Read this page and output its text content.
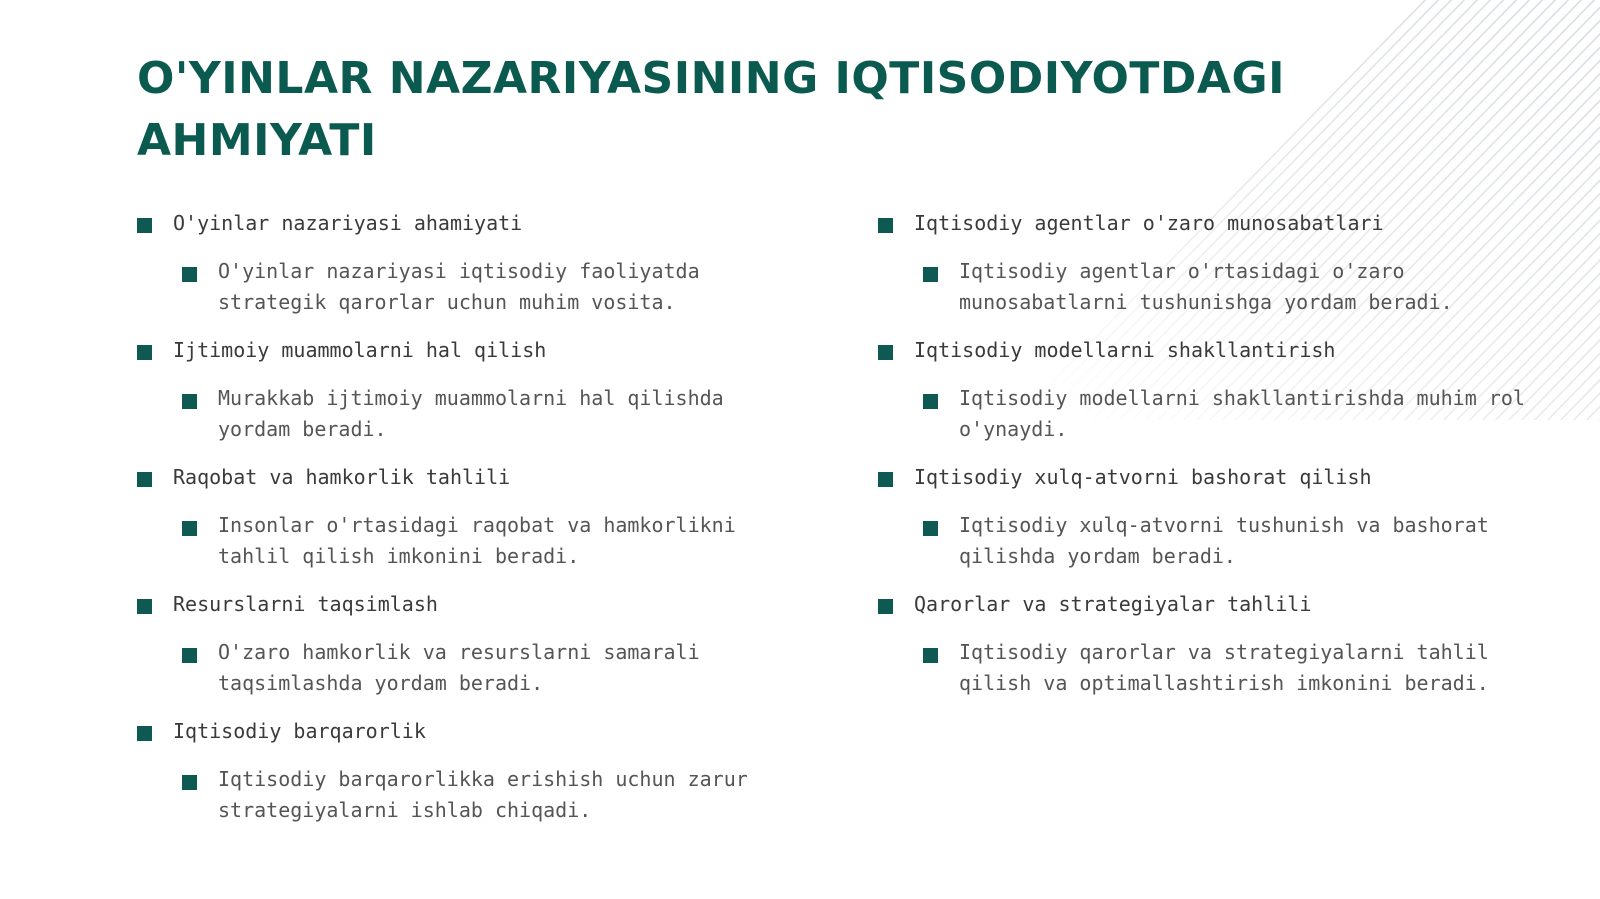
O'YINLAR NAZARIYASINING IQTISODIYOTDAGI
AHMIYATI
O'yinlar nazariyasi ahamiyati
O'yinlar nazariyasi iqtisodiy faoliyatda
strategik qarorlar uchun muhim vosita.
Ijtimoiy muammolarni hal qilish
Murakkab ijtimoiy muammolarni hal qilishda
yordam beradi.
Raqobat va hamkorlik tahlili
Insonlar o'rtasidagi raqobat va hamkorlikni
tahlil qilish imkonini beradi.
Resurslarni taqsimlash
O'zaro hamkorlik va resurslarni samarali
taqsimlashda yordam beradi.
Iqtisodiy barqarorlik
Iqtisodiy barqarorlikka erishish uchun zarur
strategiyalarni ishlab chiqadi.
Iqtisodiy agentlar o'zaro munosabatlari
Iqtisodiy agentlar o'rtasidagi o'zaro
munosabatlarni tushunishga yordam beradi.
Iqtisodiy modellarni shakllantirish
Iqtisodiy modellarni shakllantirishda muhim rol
o'ynaydi.
Iqtisodiy xulq-atvorni bashorat qilish
Iqtisodiy xulq-atvorni tushunish va bashorat
qilishda yordam beradi.
Qarorlar va strategiyalar tahlili
Iqtisodiy qarorlar va strategiyalarni tahlil
qilish va optimallashtirish imkonini beradi.
